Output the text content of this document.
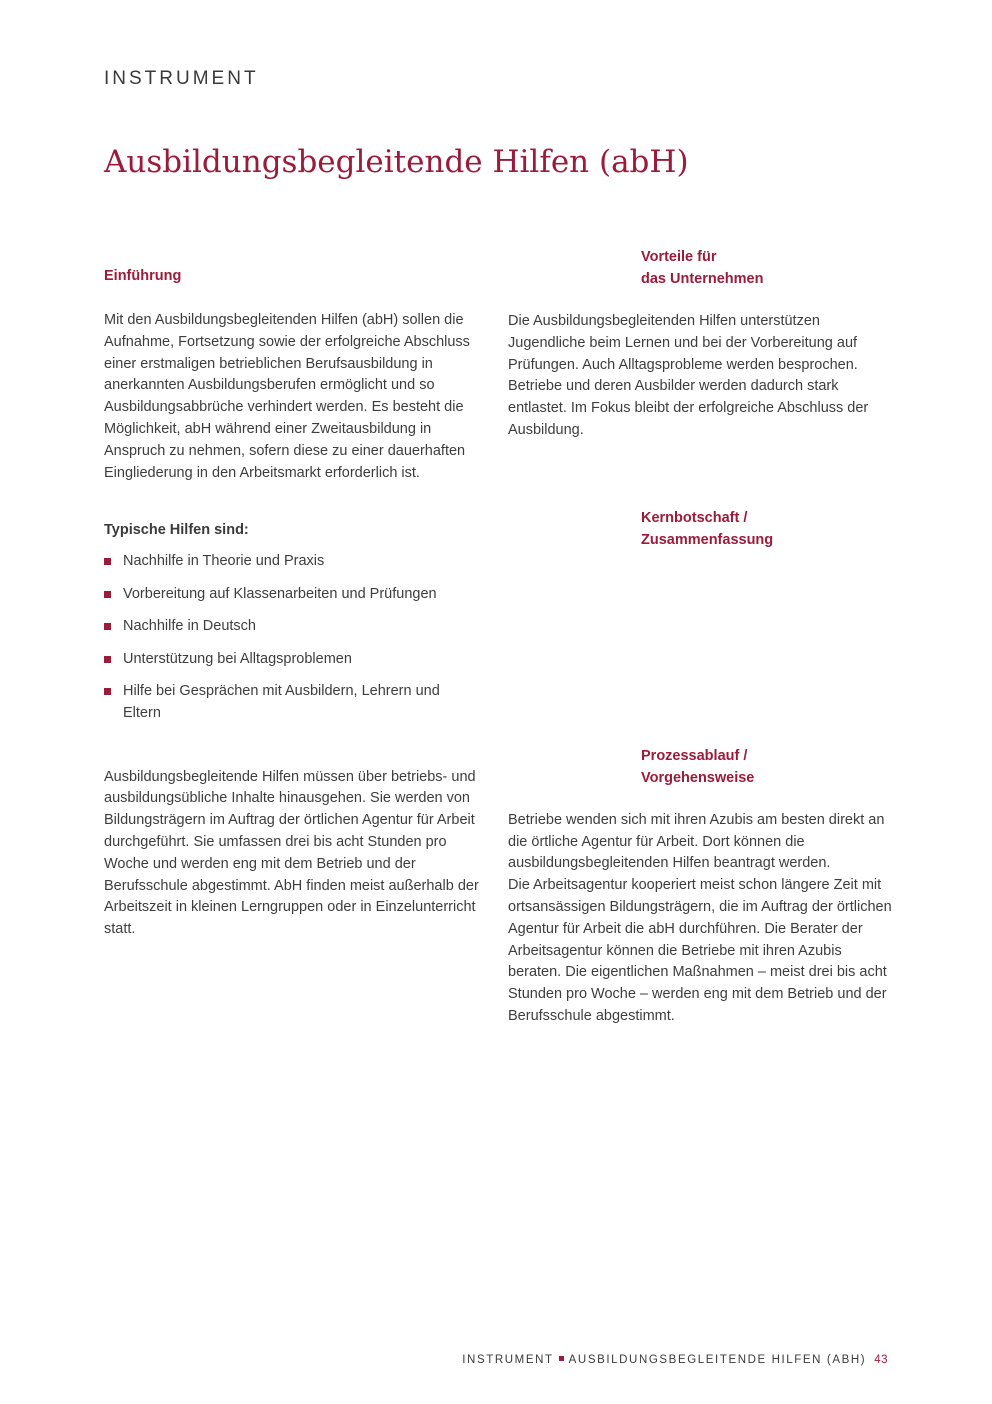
INSTRUMENT
Ausbildungsbegleitende Hilfen (abH)
Einführung

Mit den Ausbildungsbegleitenden Hilfen (abH) sollen die Aufnahme, Fortsetzung sowie der erfolgreiche Abschluss einer erstmaligen betrieblichen Berufsausbildung in anerkannten Ausbildungsberufen ermöglicht und so Ausbildungsabbrüche verhindert werden. Es besteht die Möglichkeit, abH während einer Zweitausbildung in Anspruch zu nehmen, sofern diese zu einer dauerhaften Eingliederung in den Arbeitsmarkt erforderlich ist.

Typische Hilfen sind:
Nachhilfe in Theorie und Praxis
Vorbereitung auf Klassenarbeiten und Prüfungen
Nachhilfe in Deutsch
Unterstützung bei Alltagsproblemen
Hilfe bei Gesprächen mit Ausbildern, Lehrern und Eltern

Ausbildungsbegleitende Hilfen müssen über betriebs- und ausbildungsübliche Inhalte hinausgehen. Sie werden von Bildungsträgern im Auftrag der örtlichen Agentur für Arbeit durchgeführt. Sie umfassen drei bis acht Stunden pro Woche und werden eng mit dem Betrieb und der Berufsschule abgestimmt. AbH finden meist außerhalb der Arbeitszeit in kleinen Lerngruppen oder in Einzelunterricht statt.

Vorteile für
das Unternehmen

Die Ausbildungsbegleitenden Hilfen unterstützen Jugendliche beim Lernen und bei der Vorbereitung auf Prüfungen. Auch Alltagsprobleme werden besprochen. Betriebe und deren Ausbilder werden dadurch stark entlastet. Im Fokus bleibt der erfolgreiche Abschluss der Ausbildung.

Kernbotschaft /
Zusammenfassung
Prozessablauf /
Vorgehensweise

Betriebe wenden sich mit ihren Azubis am besten direkt an die örtliche Agentur für Arbeit. Dort können die ausbildungsbegleitenden Hilfen beantragt werden.

Die Arbeitsagentur kooperiert meist schon längere Zeit mit ortsansässigen Bildungsträgern, die im Auftrag der örtlichen Agentur für Arbeit die abH durchführen. Die Berater der Arbeitsagentur können die Betriebe mit ihren Azubis beraten. Die eigentlichen Maßnahmen – meist drei bis acht Stunden pro Woche – werden eng mit dem Betrieb und der Berufsschule abgestimmt.

INSTRUMENT AUSBILDUNGSBEGLEITENDE HILFEN (ABH) 43
